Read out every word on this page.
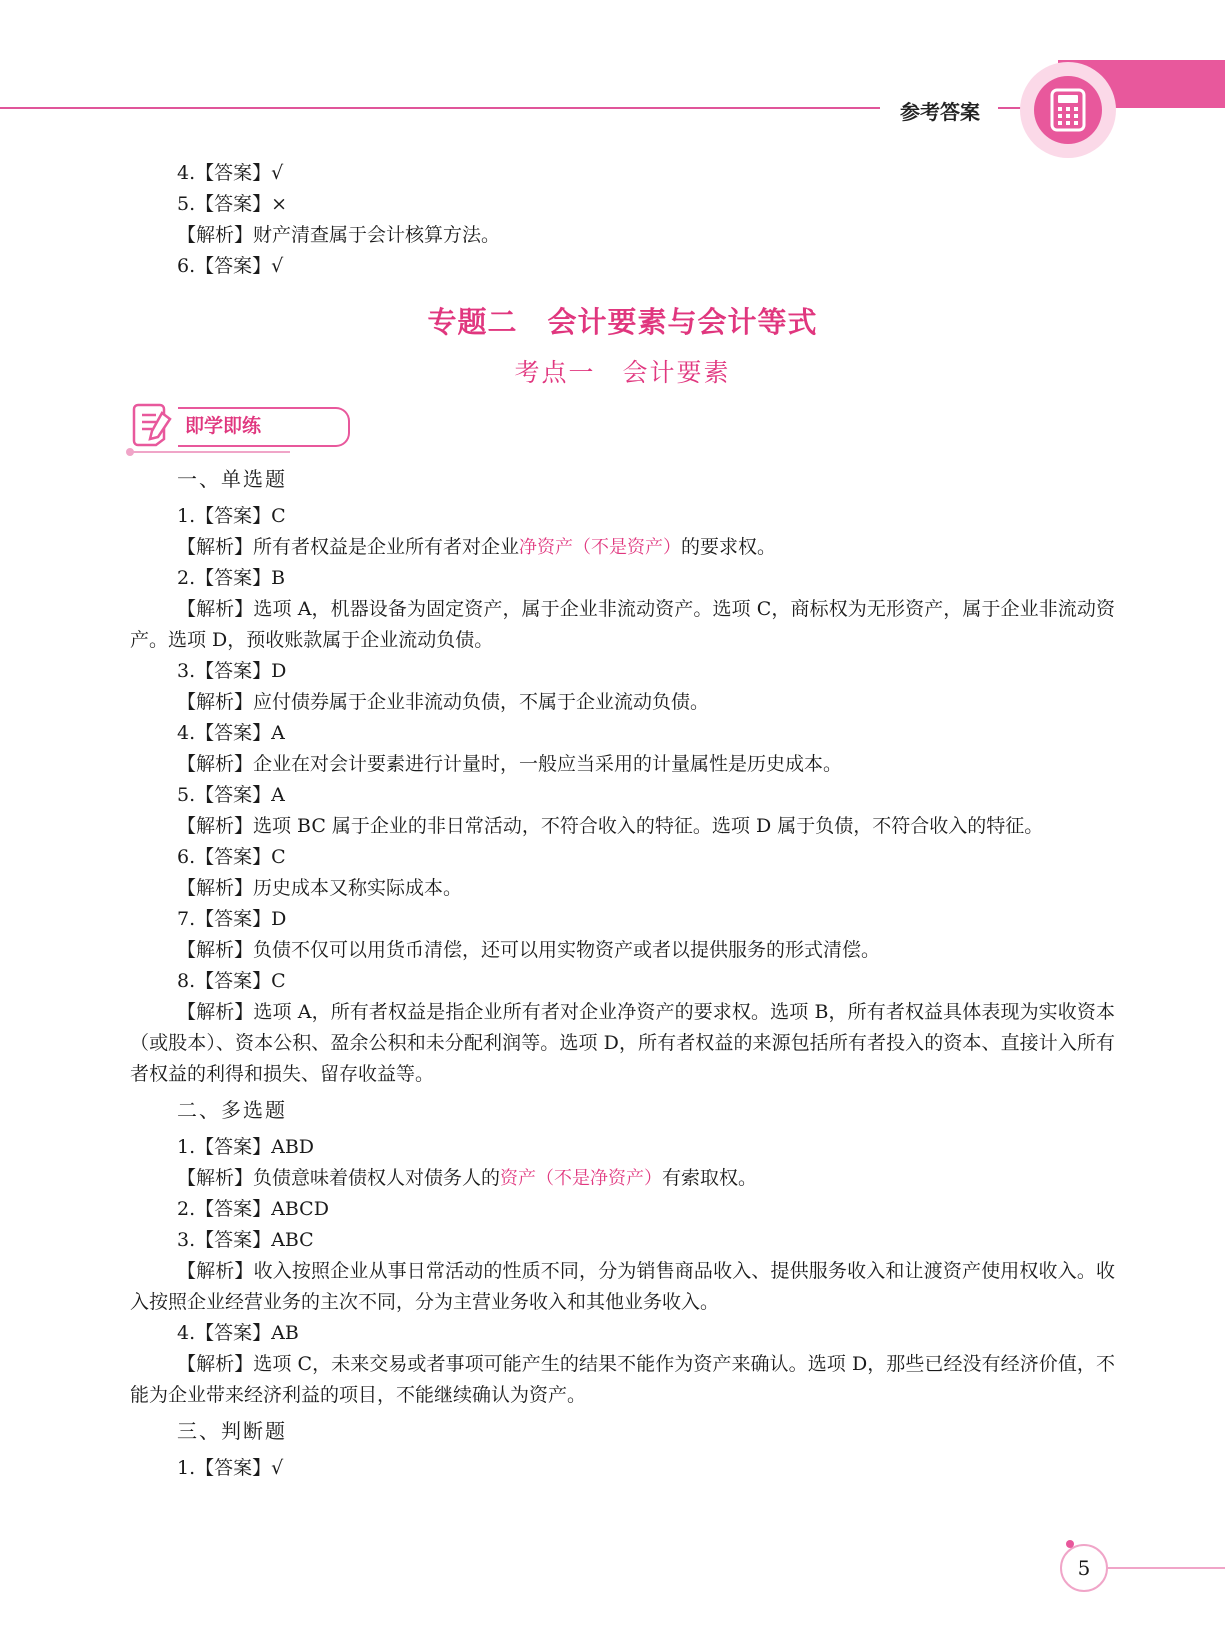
参考答案
4.【答案】√
5.【答案】×
【解析】财产清查属于会计核算方法。
6.【答案】√
专题二　会计要素与会计等式
考点一　会计要素
即学即练
一、单选题
1.【答案】C
【解析】所有者权益是企业所有者对企业净资产（不是资产）的要求权。
2.【答案】B
【解析】选项 A，机器设备为固定资产，属于企业非流动资产。选项 C，商标权为无形资产，属于企业非流动资产。选项 D，预收账款属于企业流动负债。
3.【答案】D
【解析】应付债券属于企业非流动负债，不属于企业流动负债。
4.【答案】A
【解析】企业在对会计要素进行计量时，一般应当采用的计量属性是历史成本。
5.【答案】A
【解析】选项 BC 属于企业的非日常活动，不符合收入的特征。选项 D 属于负债，不符合收入的特征。
6.【答案】C
【解析】历史成本又称实际成本。
7.【答案】D
【解析】负债不仅可以用货币清偿，还可以用实物资产或者以提供服务的形式清偿。
8.【答案】C
【解析】选项 A，所有者权益是指企业所有者对企业净资产的要求权。选项 B，所有者权益具体表现为实收资本（或股本）、资本公积、盈余公积和未分配利润等。选项 D，所有者权益的来源包括所有者投入的资本、直接计入所有者权益的利得和损失、留存收益等。
二、多选题
1.【答案】ABD
【解析】负债意味着债权人对债务人的资产（不是净资产）有索取权。
2.【答案】ABCD
3.【答案】ABC
【解析】收入按照企业从事日常活动的性质不同，分为销售商品收入、提供服务收入和让渡资产使用权收入。收入按照企业经营业务的主次不同，分为主营业务收入和其他业务收入。
4.【答案】AB
【解析】选项 C，未来交易或者事项可能产生的结果不能作为资产来确认。选项 D，那些已经没有经济价值，不能为企业带来经济利益的项目，不能继续确认为资产。
三、判断题
1.【答案】√
5
